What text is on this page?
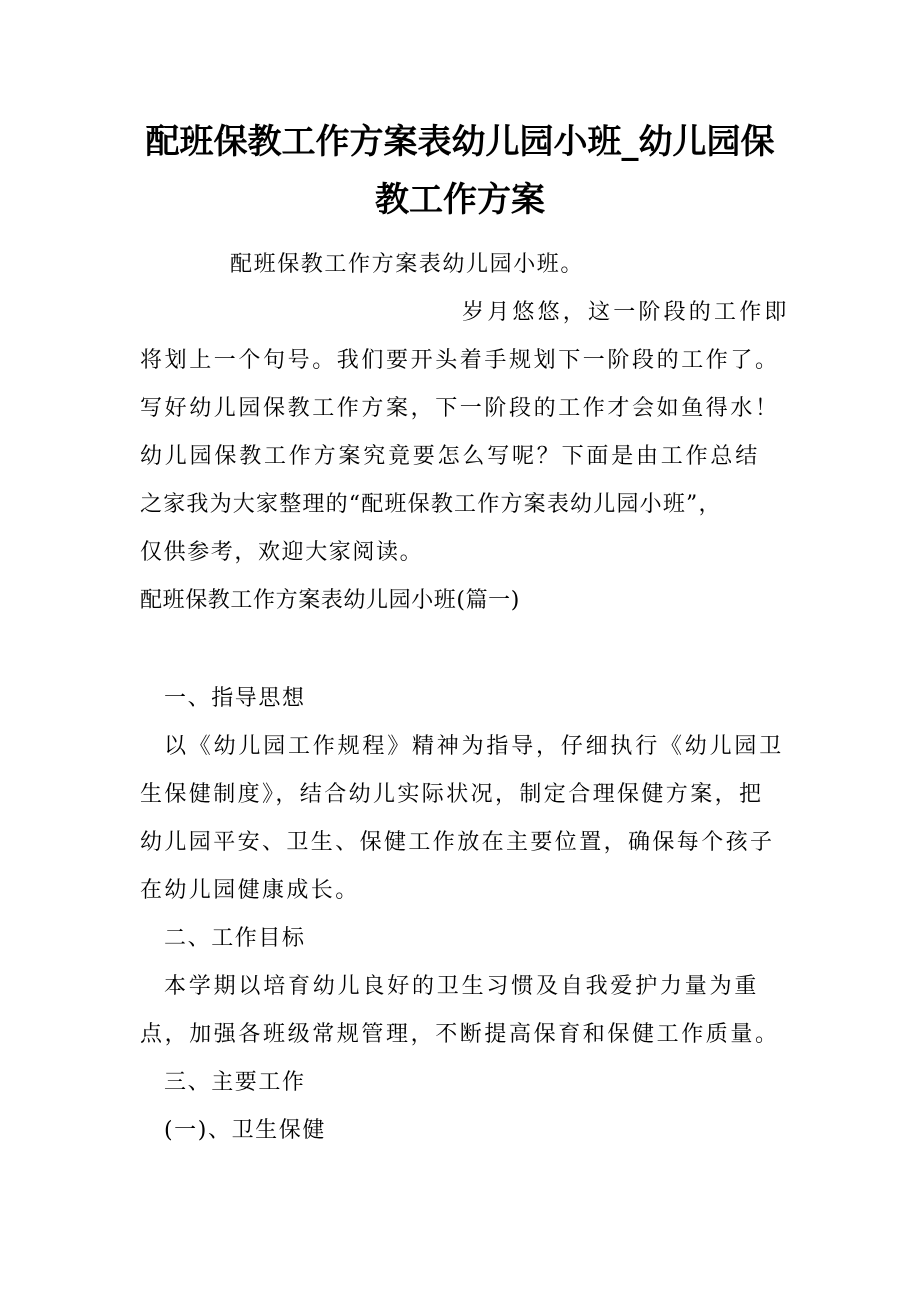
配班保教工作方案表幼儿园小班_幼儿园保
教工作方案
配班保教工作方案表幼儿园小班。
岁月悠悠，这一阶段的工作即
将划上一个句号。我们要开头着手规划下一阶段的工作了。
写好幼儿园保教工作方案，下一阶段的工作才会如鱼得水！
幼儿园保教工作方案究竟要怎么写呢？下面是由工作总结
之家我为大家整理的“配班保教工作方案表幼儿园小班”，
仅供参考，欢迎大家阅读。
配班保教工作方案表幼儿园小班(篇一)
一、指导思想
以《幼儿园工作规程》精神为指导，仔细执行《幼儿园卫
生保健制度》，结合幼儿实际状况，制定合理保健方案，把
幼儿园平安、卫生、保健工作放在主要位置，确保每个孩子
在幼儿园健康成长。
二、工作目标
本学期以培育幼儿良好的卫生习惯及自我爱护力量为重
点，加强各班级常规管理，不断提高保育和保健工作质量。
三、主要工作
(一)、卫生保健
